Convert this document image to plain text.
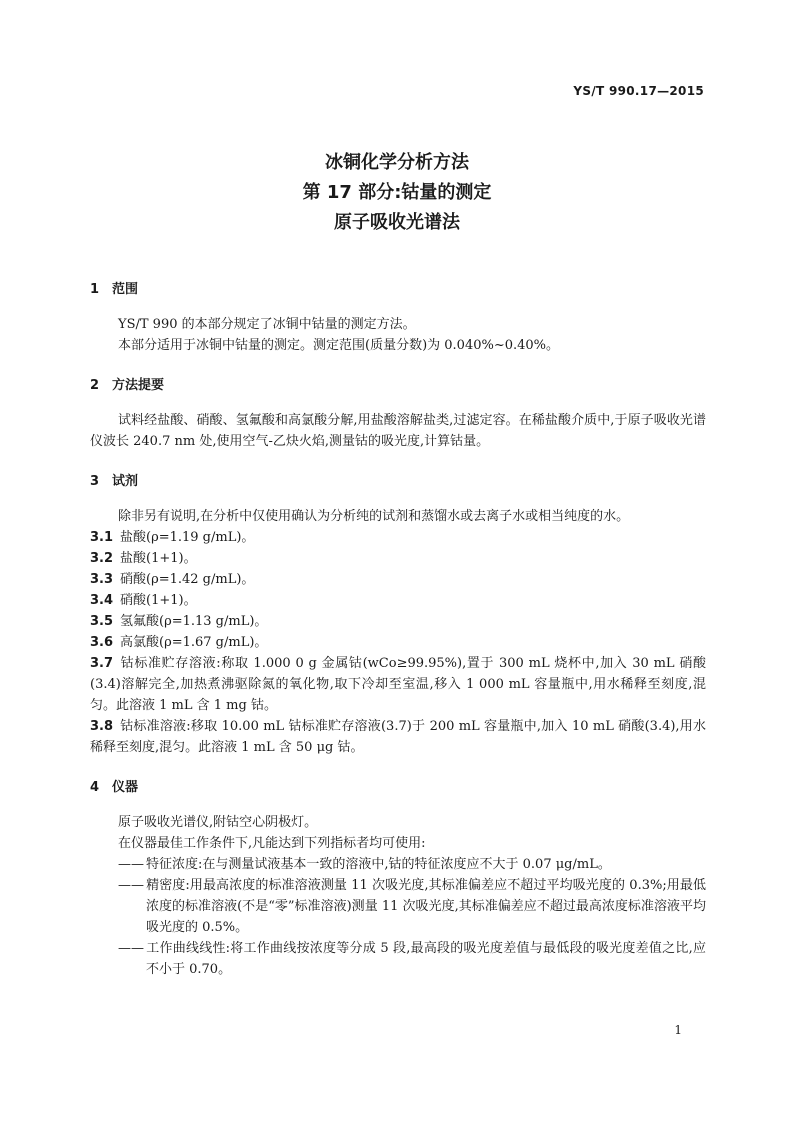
YS/T 990.17—2015
冰铜化学分析方法
第 17 部分:钴量的测定
原子吸收光谱法
1 范围
YS/T 990 的本部分规定了冰铜中钴量的测定方法。
本部分适用于冰铜中钴量的测定。测定范围(质量分数)为 0.040%~0.40%。
2 方法提要
试料经盐酸、硝酸、氢氟酸和高氯酸分解,用盐酸溶解盐类,过滤定容。在稀盐酸介质中,于原子吸收光谱仪波长 240.7 nm 处,使用空气-乙炔火焰,测量钴的吸光度,计算钴量。
3 试剂
除非另有说明,在分析中仅使用确认为分析纯的试剂和蒸馏水或去离子水或相当纯度的水。
3.1 盐酸(ρ=1.19 g/mL)。
3.2 盐酸(1+1)。
3.3 硝酸(ρ=1.42 g/mL)。
3.4 硝酸(1+1)。
3.5 氢氟酸(ρ=1.13 g/mL)。
3.6 高氯酸(ρ=1.67 g/mL)。
3.7 钴标准贮存溶液:称取 1.000 0 g 金属钴(wCo≥99.95%),置于 300 mL 烧杯中,加入 30 mL 硝酸(3.4)溶解完全,加热煮沸驱除氮的氧化物,取下冷却至室温,移入 1 000 mL 容量瓶中,用水稀释至刻度,混匀。此溶液 1 mL 含 1 mg 钴。
3.8 钴标准溶液:移取 10.00 mL 钴标准贮存溶液(3.7)于 200 mL 容量瓶中,加入 10 mL 硝酸(3.4),用水稀释至刻度,混匀。此溶液 1 mL 含 50 μg 钴。
4 仪器
原子吸收光谱仪,附钴空心阴极灯。
在仪器最佳工作条件下,凡能达到下列指标者均可使用:
—— 特征浓度:在与测量试液基本一致的溶液中,钴的特征浓度应不大于 0.07 μg/mL。
—— 精密度:用最高浓度的标准溶液测量 11 次吸光度,其标准偏差应不超过平均吸光度的 0.3%;用最低浓度的标准溶液(不是“零”标准溶液)测量 11 次吸光度,其标准偏差应不超过最高浓度标准溶液平均吸光度的 0.5%。
—— 工作曲线线性:将工作曲线按浓度等分成 5 段,最高段的吸光度差值与最低段的吸光度差值之比,应不小于 0.70。
1
